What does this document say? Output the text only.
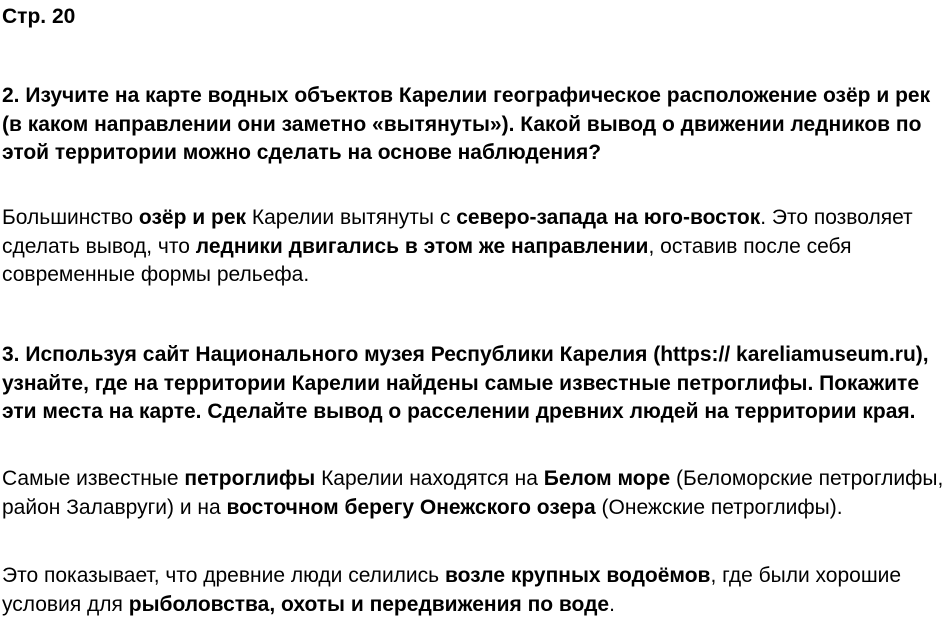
Стр. 20

2. Изучите на карте водных объектов Карелии географическое расположение озёр и рек (в каком направлении они заметно «вытянуты»). Какой вывод о движении ледников по этой территории можно сделать на основе наблюдения?

Большинство озёр и рек Карелии вытянуты с северо-запада на юго-восток. Это позволяет сделать вывод, что ледники двигались в этом же направлении, оставив после себя современные формы рельефа.

3. Используя сайт Национального музея Республики Карелия (https:// kareliamuseum.ru), узнайте, где на территории Карелии найдены самые известные петроглифы. Покажите эти места на карте. Сделайте вывод о расселении древних людей на территории края.

Самые известные петроглифы Карелии находятся на Белом море (Беломорские петроглифы, район Залавруги) и на восточном берегу Онежского озера (Онежские петроглифы).

Это показывает, что древние люди селились возле крупных водоёмов, где были хорошие условия для рыболовства, охоты и передвижения по воде.
